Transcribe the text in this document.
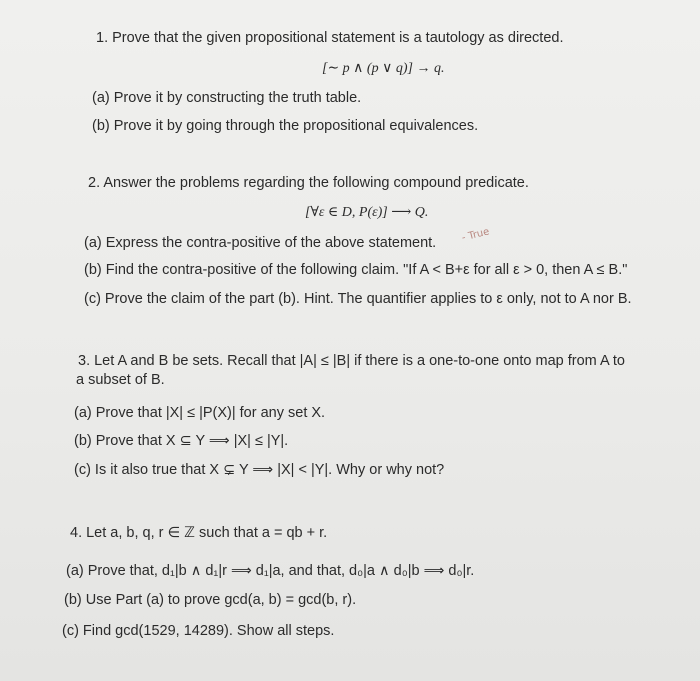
1. Prove that the given propositional statement is a tautology as directed.
[∼ p ∧ (p ∨ q)] → q.
(a) Prove it by constructing the truth table.
(b) Prove it by going through the propositional equivalences.
2. Answer the problems regarding the following compound predicate.
[∀ε ∈ D, P(ε)] ⟶ Q.
(a) Express the contra-positive of the above statement. - True
(b) Find the contra-positive of the following claim. "If A < B+ε for all ε > 0, then A ≤ B."
(c) Prove the claim of the part (b). Hint. The quantifier applies to ε only, not to A nor B.
3. Let A and B be sets. Recall that |A| ≤ |B| if there is a one-to-one onto map from A to
a subset of B.
(a) Prove that |X| ≤ |P(X)| for any set X.
(b) Prove that X ⊆ Y ⟹ |X| ≤ |Y|.
(c) Is it also true that X ⊊ Y ⟹ |X| < |Y|. Why or why not?
4. Let a, b, q, r ∈ ℤ such that a = qb + r.
(a) Prove that, d₁|b ∧ d₁|r ⟹ d₁|a, and that, d₀|a ∧ d₀|b ⟹ d₀|r.
(b) Use Part (a) to prove gcd(a, b) = gcd(b, r).
(c) Find gcd(1529, 14289). Show all steps.
